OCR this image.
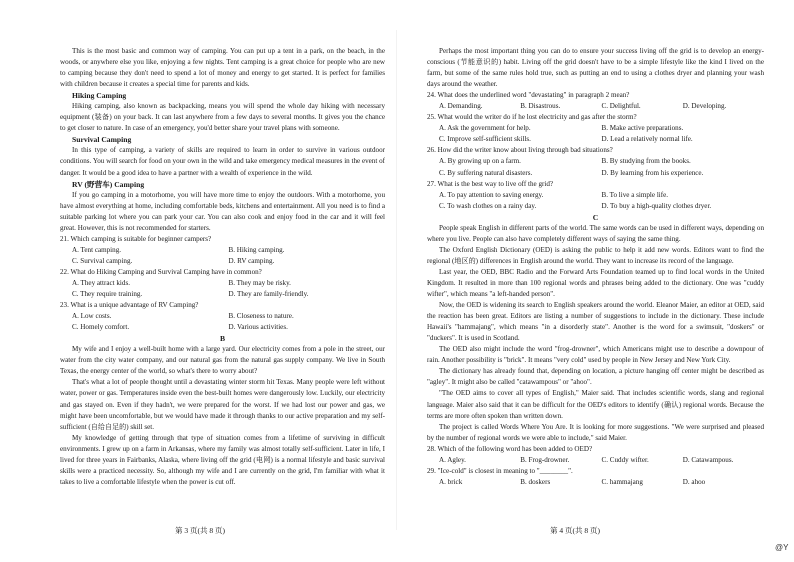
This is the most basic and common way of camping. You can put up a tent in a park, on the beach, in the woods, or anywhere else you like, enjoying a few nights. Tent camping is a great choice for people who are new to camping because they don't need to spend a lot of money and energy to get started. It is perfect for families with children because it creates a special time for parents and kids.

Hiking Camping

Hiking camping, also known as backpacking, means you will spend the whole day hiking with necessary equipment (装备) on your back. It can last anywhere from a few days to several months. It gives you the chance to get closer to nature. In case of an emergency, you'd better share your travel plans with someone.

Survival Camping

In this type of camping, a variety of skills are required to learn in order to survive in various outdoor conditions. You will search for food on your own in the wild and take emergency medical measures in the event of danger. It would be a good idea to have a partner with a wealth of experience in the wild.

RV (野营车) Camping

If you go camping in a motorhome, you will have more time to enjoy the outdoors. With a motorhome, you have almost everything at home, including comfortable beds, kitchens and entertainment. All you need is to find a suitable parking lot where you can park your car. You can also cook and enjoy food in the car and it will feel great. However, this is not recommended for starters.

21. Which camping is suitable for beginner campers?
A. Tent camping.	B. Hiking camping.
C. Survival camping.	D. RV camping.
22. What do Hiking Camping and Survival Camping have in common?
A. They attract kids.	B. They may be risky.
C. They require training.	D. They are family-friendly.
23. What is a unique advantage of RV Camping?
A. Low costs.	B. Closeness to nature.
C. Homely comfort.	D. Various activities.
B

My wife and I enjoy a well-built home with a large yard. Our electricity comes from a pole in the street, our water from the city water company, and our natural gas from the natural gas supply company. We live in South Texas, the energy center of the world, so what's there to worry about?

That's what a lot of people thought until a devastating winter storm hit Texas. Many people were left without water, power or gas. Temperatures inside even the best-built homes were dangerously low. Luckily, our electricity and gas stayed on. Even if they hadn't, we were prepared for the worst. If we had lost our power and gas, we might have been uncomfortable, but we would have made it through thanks to our active preparation and my self-sufficient (自给自足的) skill set.

My knowledge of getting through that type of situation comes from a lifetime of surviving in difficult environments. I grew up on a farm in Arkansas, where my family was almost totally self-sufficient. Later in life, I lived for three years in Fairbanks, Alaska, where living off the grid (电网) is a normal lifestyle and basic survival skills were a practiced necessity. So, although my wife and I are currently on the grid, I'm familiar with what it takes to live a comfortable lifestyle when the power is cut off.

Perhaps the most important thing you can do to ensure your success living off the grid is to develop an energy-conscious (节能意识的) habit. Living off the grid doesn't have to be a simple lifestyle like the kind I lived on the farm, but some of the same rules hold true, such as putting an end to using a clothes dryer and planning your wash days around the weather.

24. What does the underlined word "devastating" in paragraph 2 mean?
A. Demanding.	B. Disastrous.	C. Delightful.	D. Developing.
25. What would the writer do if he lost electricity and gas after the storm?
A. Ask the government for help.	B. Make active preparations.
C. Improve self-sufficient skills.	D. Lead a relatively normal life.
26. How did the writer know about living through bad situations?
A. By growing up on a farm.	B. By studying from the books.
C. By suffering natural disasters.	D. By learning from his experience.
27. What is the best way to live off the grid?
A. To pay attention to saving energy.	B. To live a simple life.
C. To wash clothes on a rainy day.	D. To buy a high-quality clothes dryer.
C

People speak English in different parts of the world. The same words can be used in different ways, depending on where you live. People can also have completely different ways of saying the same thing.

The Oxford English Dictionary (OED) is asking the public to help it add new words. Editors want to find the regional (地区的) differences in English around the world. They want to increase its record of the language.

Last year, the OED, BBC Radio and the Forward Arts Foundation teamed up to find local words in the United Kingdom. It resulted in more than 100 regional words and phrases being added to the dictionary. One was "cuddy wifter", which means "a left-handed person".

Now, the OED is widening its search to English speakers around the world. Eleanor Maier, an editor at OED, said the reaction has been great. Editors are listing a number of suggestions to include in the dictionary. These include Hawaii's "hammajang", which means "in a disorderly state". Another is the word for a swimsuit, "doskers" or "duckers". It is used in Scotland.

The OED also might include the word "frog-drowner", which Americans might use to describe a downpour of rain. Another possibility is "brick". It means "very cold" used by people in New Jersey and New York City.

The dictionary has already found that, depending on location, a picture hanging off center might be described as "agley". It might also be called "catawampous" or "ahoo".

"The OED aims to cover all types of English," Maier said. That includes scientific words, slang and regional language. Maier also said that it can be difficult for the OED's editors to identify (确认) regional words. Because the terms are more often spoken than written down.

The project is called Words Where You Are. It is looking for more suggestions. "We were surprised and pleased by the number of regional words we were able to include," said Maier.

28. Which of the following word has been added to OED?
A. Agley.	B. Frog-drowner.	C. Cuddy wifter.	D. Catawampous.
29. "Ice-cold" is closest in meaning to "________".
A. brick	B. doskers	C. hammajang	D. ahoo
第 3 页(共 8 页)	第 4 页(共 8 页)
@Y
